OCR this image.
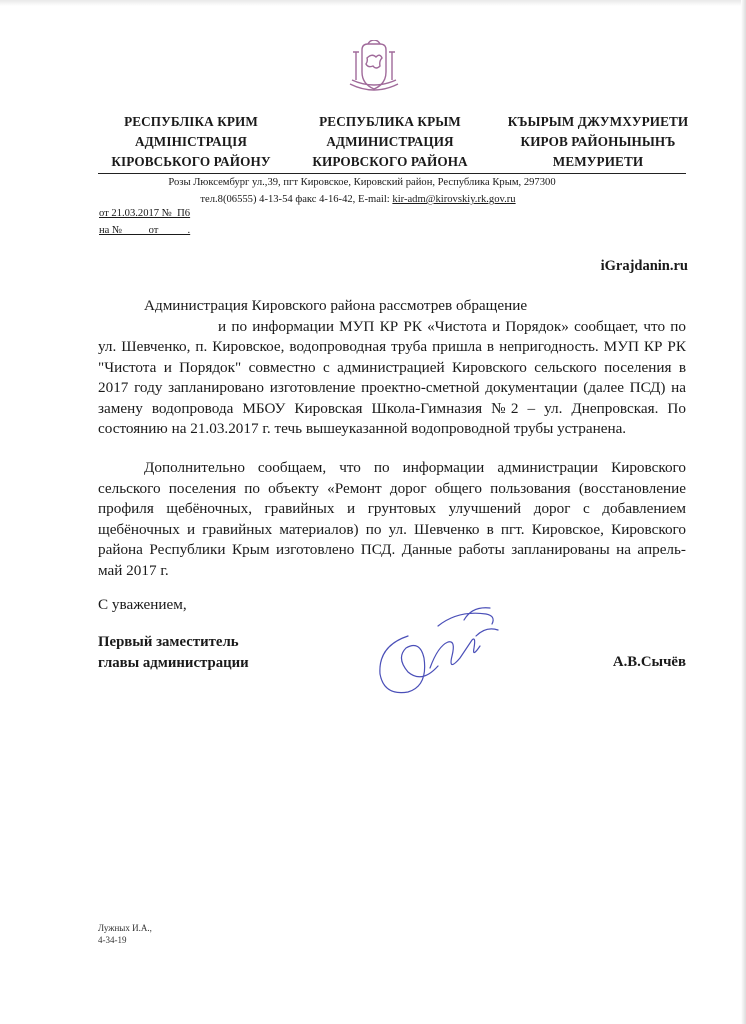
РЕСПУБЛІКА КРИМ
АДМІНІСТРАЦІЯ
КІРОВСЬКОГО РАЙОНУ
РЕСПУБЛИКА КРЫМ
АДМИНИСТРАЦИЯ
КИРОВСКОГО РАЙОНА
КЪЫРЫМ ДЖУМХУРИЕТИ
КИРОВ РАЙОНЫНЫНЪ
МЕМУРИЕТИ
Розы Люксембург ул.,39, пгт Кировское, Кировский район, Республика Крым, 297300
тел.8(06555) 4-13-54 факс 4-16-42, E-mail: kir-adm@kirovskiy.rk.gov.ru
от 21.03.2017 №  П6
на №          от           .
iGrajdanin.ru
Администрация Кировского района рассмотрев обращение
и по информации МУП КР РК «Чистота и Порядок» сообщает, что по ул. Шевченко, п. Кировское, водопроводная труба пришла в непригодность. МУП КР РК "Чистота и Порядок" совместно с администрацией Кировского сельского поселения в 2017 году запланировано изготовление проектно-сметной документации (далее ПСД) на замену водопровода МБОУ Кировская Школа-Гимназия №2 – ул. Днепровская. По состоянию на 21.03.2017 г. течь вышеуказанной водопроводной трубы устранена.
Дополнительно сообщаем, что по информации администрации Кировского сельского поселения по объекту «Ремонт дорог общего пользования (восстановление профиля щебёночных, гравийных и грунтовых улучшений дорог с добавлением щебёночных и гравийных материалов) по ул. Шевченко в пгт. Кировское, Кировского района Республики Крым изготовлено ПСД. Данные работы запланированы на апрель-май 2017 г.
С уважением,
Первый заместитель
главы администрации	А.В.Сычёв
Лужных И.А.,
4-34-19
